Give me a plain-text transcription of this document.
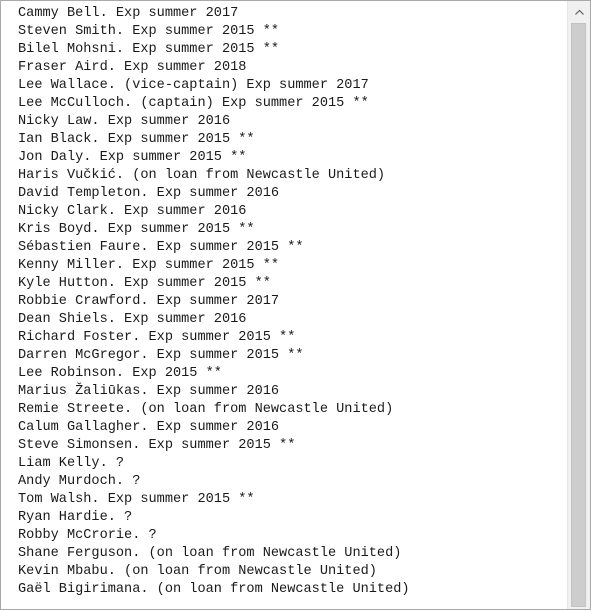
Cammy Bell. Exp summer 2017
Steven Smith. Exp summer 2015 **
Bilel Mohsni. Exp summer 2015 **
Fraser Aird. Exp summer 2018
Lee Wallace. (vice-captain) Exp summer 2017
Lee McCulloch. (captain) Exp summer 2015 **
Nicky Law. Exp summer 2016
Ian Black. Exp summer 2015 **
Jon Daly. Exp summer 2015 **
Haris Vučkić. (on loan from Newcastle United)
David Templeton. Exp summer 2016
Nicky Clark. Exp summer 2016
Kris Boyd. Exp summer 2015 **
Sébastien Faure. Exp summer 2015 **
Kenny Miller. Exp summer 2015 **
Kyle Hutton. Exp summer 2015 **
Robbie Crawford. Exp summer 2017
Dean Shiels. Exp summer 2016
Richard Foster. Exp summer 2015 **
Darren McGregor. Exp summer 2015 **
Lee Robinson. Exp 2015 **
Marius Žaliūkas. Exp summer 2016
Remie Streete. (on loan from Newcastle United)
Calum Gallagher. Exp summer 2016
Steve Simonsen. Exp summer 2015 **
Liam Kelly. ?
Andy Murdoch. ?
Tom Walsh. Exp summer 2015 **
Ryan Hardie. ?
Robby McCrorie. ?
Shane Ferguson. (on loan from Newcastle United)
Kevin Mbabu. (on loan from Newcastle United)
Gaël Bigirimana. (on loan from Newcastle United)
